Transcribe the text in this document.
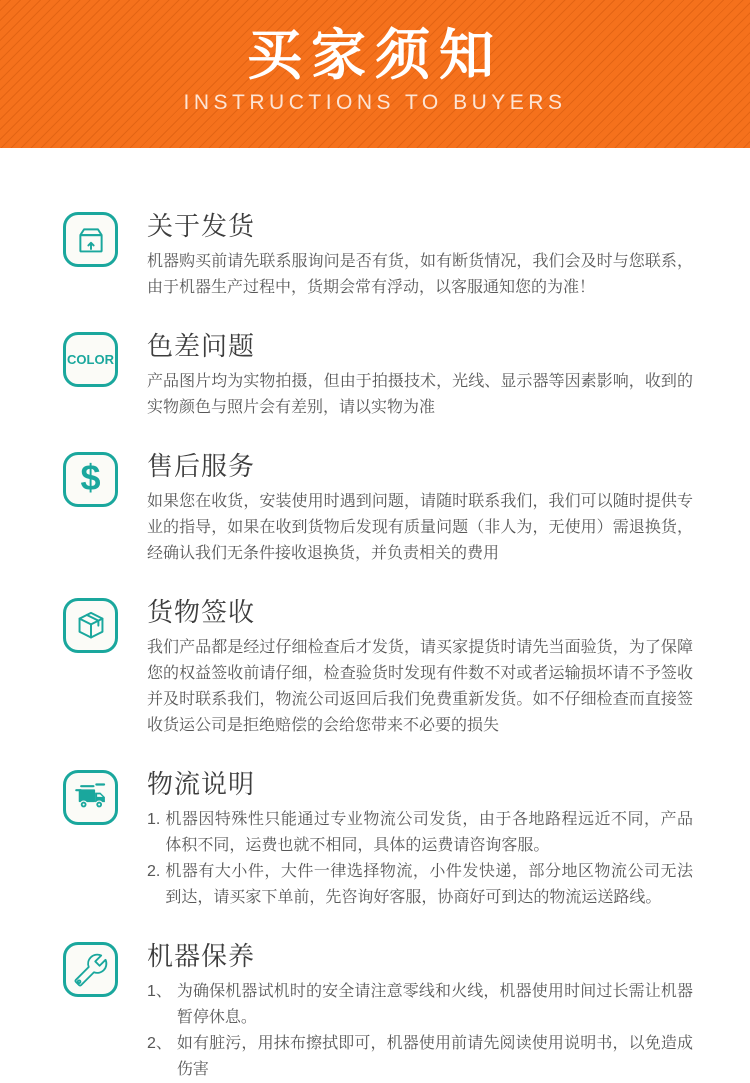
买家须知
INSTRUCTIONS TO BUYERS
关于发货

机器购买前请先联系服询问是否有货，如有断货情况，我们会及时与您联系，由于机器生产过程中，货期会常有浮动，以客服通知您的为准！

COLOR 色差问题

产品图片均为实物拍摄，但由于拍摄技术，光线、显示器等因素影响，收到的实物颜色与照片会有差别，请以实物为准

$ 售后服务

如果您在收货，安装使用时遇到问题，请随时联系我们，我们可以随时提供专业的指导，如果在收到货物后发现有质量问题（非人为，无使用）需退换货，经确认我们无条件接收退换货，并负责相关的费用

货物签收

我们产品都是经过仔细检查后才发货，请买家提货时请先当面验货，为了保障您的权益签收前请仔细，检查验货时发现有件数不对或者运输损坏请不予签收并及时联系我们，物流公司返回后我们免费重新发货。如不仔细检查而直接签收货运公司是拒绝赔偿的会给您带来不必要的损失

物流说明
1. 机器因特殊性只能通过专业物流公司发货，由于各地路程远近不同，产品体积不同，运费也就不相同，具体的运费请咨询客服。
2. 机器有大小件，大件一律选择物流，小件发快递，部分地区物流公司无法到达，请买家下单前，先咨询好客服，协商好可到达的物流运送路线。
机器保养
1、 为确保机器试机时的安全请注意零线和火线，机器使用时间过长需让机器暂停休息。
2、 如有脏污，用抹布擦拭即可，机器使用前请先阅读使用说明书，以免造成伤害
